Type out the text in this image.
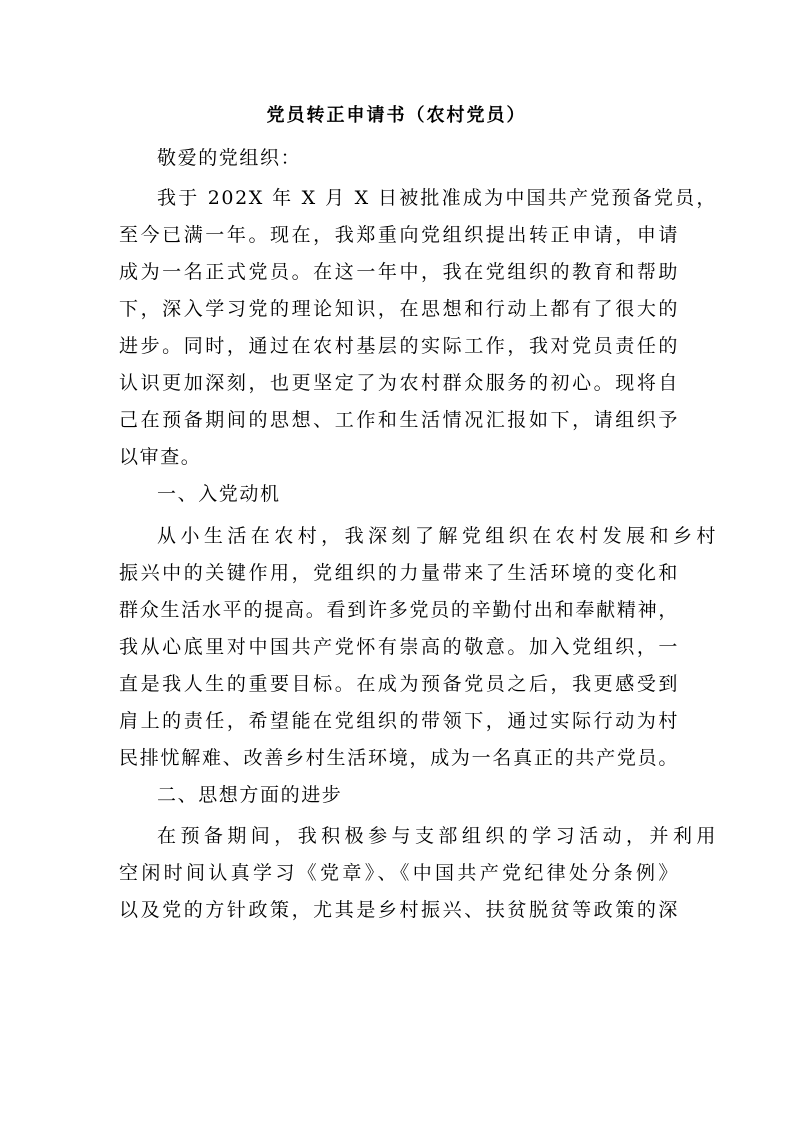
党员转正申请书（农村党员）
敬爱的党组织：
我于 202X 年 X 月 X 日被批准成为中国共产党预备党员，
至今已满一年。现在，我郑重向党组织提出转正申请，申请
成为一名正式党员。在这一年中，我在党组织的教育和帮助
下，深入学习党的理论知识，在思想和行动上都有了很大的
进步。同时，通过在农村基层的实际工作，我对党员责任的
认识更加深刻，也更坚定了为农村群众服务的初心。现将自
己在预备期间的思想、工作和生活情况汇报如下，请组织予
以审查。
一、入党动机
从小生活在农村，我深刻了解党组织在农村发展和乡村
振兴中的关键作用，党组织的力量带来了生活环境的变化和
群众生活水平的提高。看到许多党员的辛勤付出和奉献精神，
我从心底里对中国共产党怀有崇高的敬意。加入党组织，一
直是我人生的重要目标。在成为预备党员之后，我更感受到
肩上的责任，希望能在党组织的带领下，通过实际行动为村
民排忧解难、改善乡村生活环境，成为一名真正的共产党员。
二、思想方面的进步
在预备期间，我积极参与支部组织的学习活动，并利用
空闲时间认真学习《党章》、《中国共产党纪律处分条例》
以及党的方针政策，尤其是乡村振兴、扶贫脱贫等政策的深
